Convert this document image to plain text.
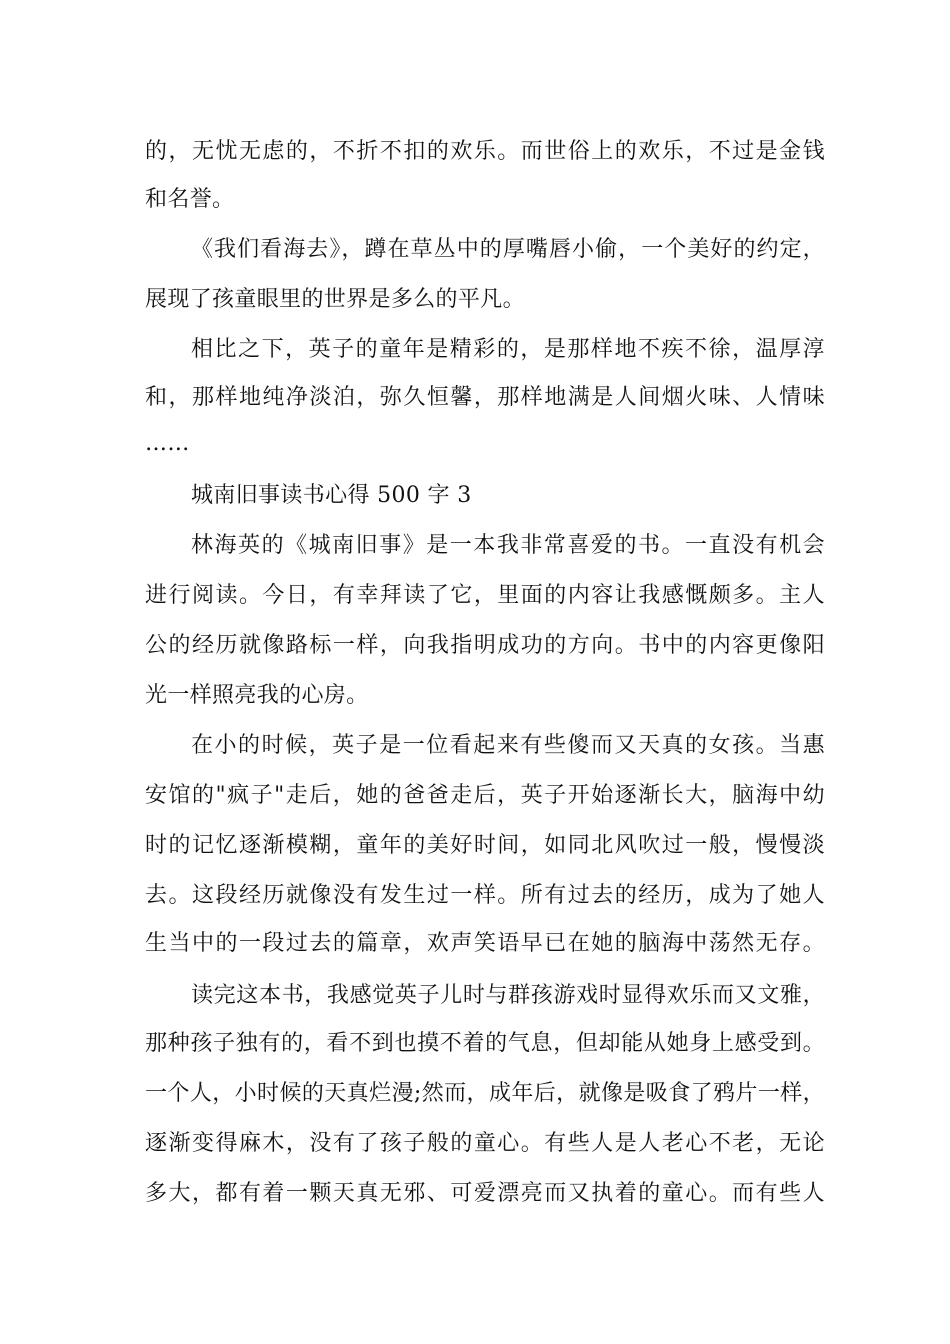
的，无忧无虑的，不折不扣的欢乐。而世俗上的欢乐，不过是金钱
和名誉。
《我们看海去》，蹲在草丛中的厚嘴唇小偷，一个美好的约定，
展现了孩童眼里的世界是多么的平凡。
相比之下，英子的童年是精彩的，是那样地不疾不徐，温厚淳
和，那样地纯净淡泊，弥久恒馨，那样地满是人间烟火味、人情味
……
城南旧事读书心得 500 字 3
林海英的《城南旧事》是一本我非常喜爱的书。一直没有机会
进行阅读。今日，有幸拜读了它，里面的内容让我感慨颇多。主人
公的经历就像路标一样，向我指明成功的方向。书中的内容更像阳
光一样照亮我的心房。
在小的时候，英子是一位看起来有些傻而又天真的女孩。当惠
安馆的"疯子"走后，她的爸爸走后，英子开始逐渐长大，脑海中幼
时的记忆逐渐模糊，童年的美好时间，如同北风吹过一般，慢慢淡
去。这段经历就像没有发生过一样。所有过去的经历，成为了她人
生当中的一段过去的篇章，欢声笑语早已在她的脑海中荡然无存。
读完这本书，我感觉英子儿时与群孩游戏时显得欢乐而又文雅，
那种孩子独有的，看不到也摸不着的气息，但却能从她身上感受到。
一个人，小时候的天真烂漫;然而，成年后，就像是吸食了鸦片一样，
逐渐变得麻木，没有了孩子般的童心。有些人是人老心不老，无论
多大，都有着一颗天真无邪、可爱漂亮而又执着的童心。而有些人
